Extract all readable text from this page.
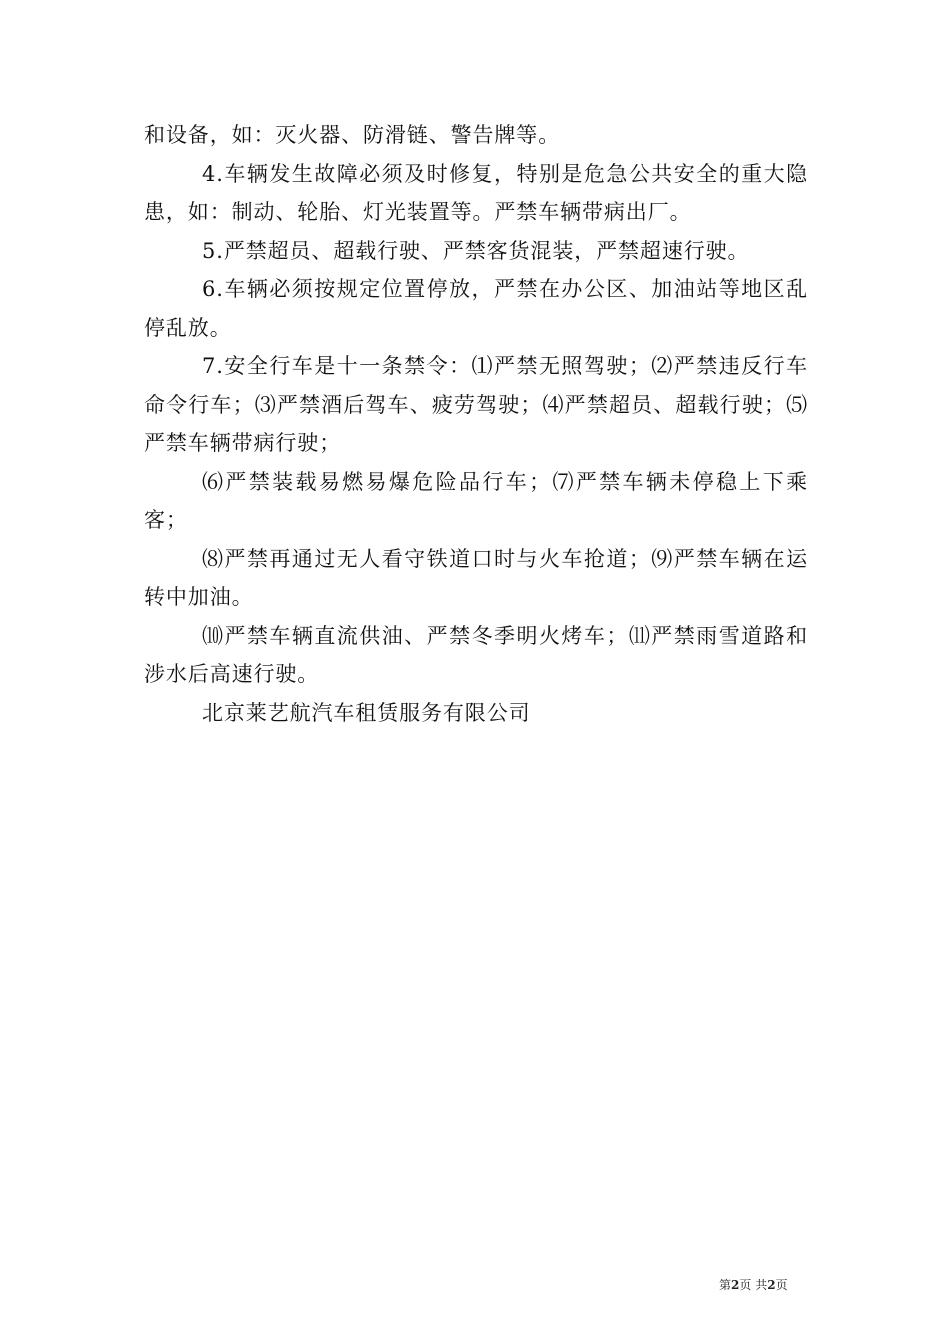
和设备，如：灭火器、防滑链、警告牌等。

4.车辆发生故障必须及时修复，特别是危急公共安全的重大隐患，如：制动、轮胎、灯光装置等。严禁车辆带病出厂。

5.严禁超员、超载行驶、严禁客货混装，严禁超速行驶。

6.车辆必须按规定位置停放，严禁在办公区、加油站等地区乱停乱放。

7.安全行车是十一条禁令：⑴严禁无照驾驶；⑵严禁违反行车命令行车；⑶严禁酒后驾车、疲劳驾驶；⑷严禁超员、超载行驶；⑸严禁车辆带病行驶；

⑹严禁装载易燃易爆危险品行车；⑺严禁车辆未停稳上下乘客；

⑻严禁再通过无人看守铁道口时与火车抢道；⑼严禁车辆在运转中加油。

⑽严禁车辆直流供油、严禁冬季明火烤车；⑾严禁雨雪道路和涉水后高速行驶。

北京莱艺航汽车租赁服务有限公司

第2页 共2页
